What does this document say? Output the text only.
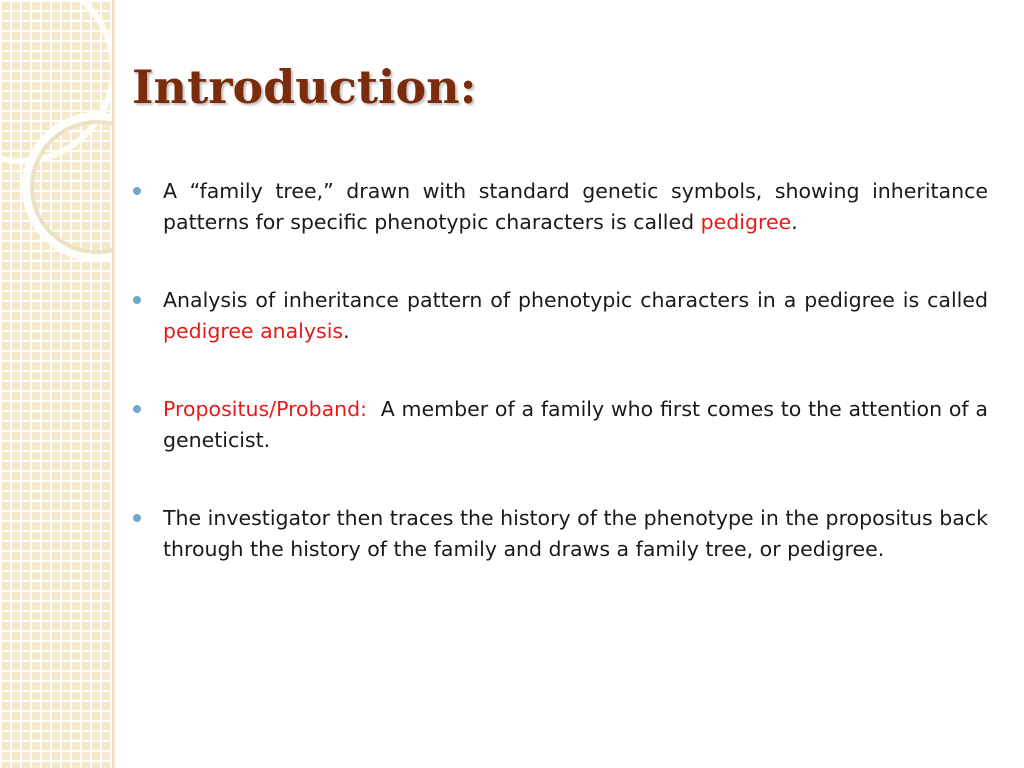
Introduction:
A “family tree,” drawn with standard genetic symbols, showing inheritance patterns for specific phenotypic characters is called pedigree.
Analysis of inheritance pattern of phenotypic characters in a pedigree is called pedigree analysis.
Propositus/Proband:  A member of a family who first comes to the attention of a geneticist.
The investigator then traces the history of the phenotype in the propositus back through the history of the family and draws a family tree, or pedigree.
